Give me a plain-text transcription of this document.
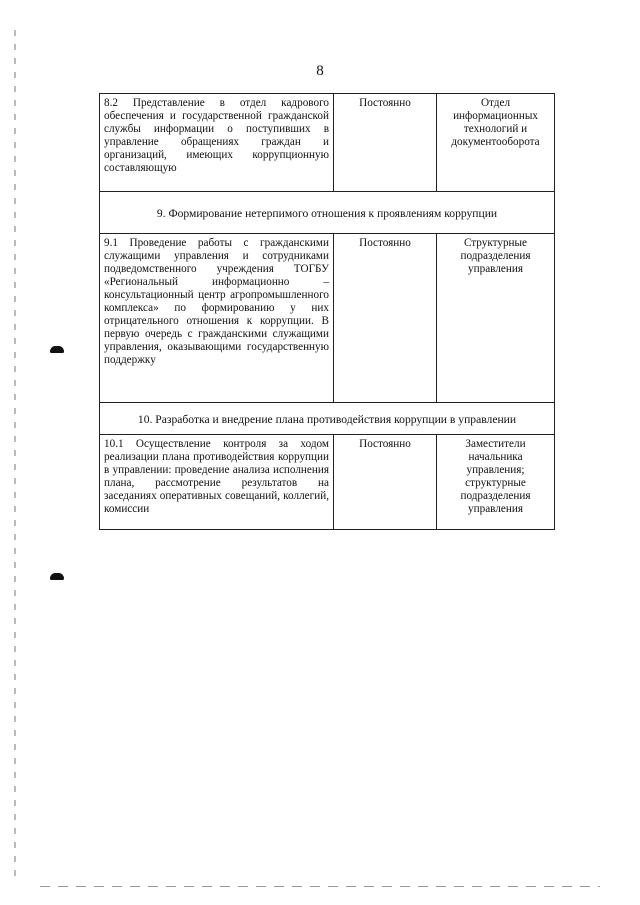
8
8.2 Представление в отдел кадрового обеспечения и государственной гражданской службы информации о поступивших в управление обращениях граждан и организаций, имеющих коррупционную составляющую	Постоянно	Отдел информационных технологий и документооборота
9. Формирование нетерпимого отношения к проявлениям коррупции		
9.1 Проведение работы с гражданскими служащими управления и сотрудниками подведомственного учреждения ТОГБУ «Региональный информационно – консультационный центр агропромышленного комплекса» по формированию у них отрицательного отношения к коррупции. В первую очередь с гражданскими служащими управления, оказывающими государственную поддержку	Постоянно	Структурные подразделения управления
10. Разработка и внедрение плана противодействия коррупции в управлении		
10.1 Осуществление контроля за ходом реализации плана противодействия коррупции в управлении: проведение анализа исполнения плана, рассмотрение результатов на заседаниях оперативных совещаний, коллегий, комиссии	Постоянно	Заместители начальника управления; структурные подразделения управления
